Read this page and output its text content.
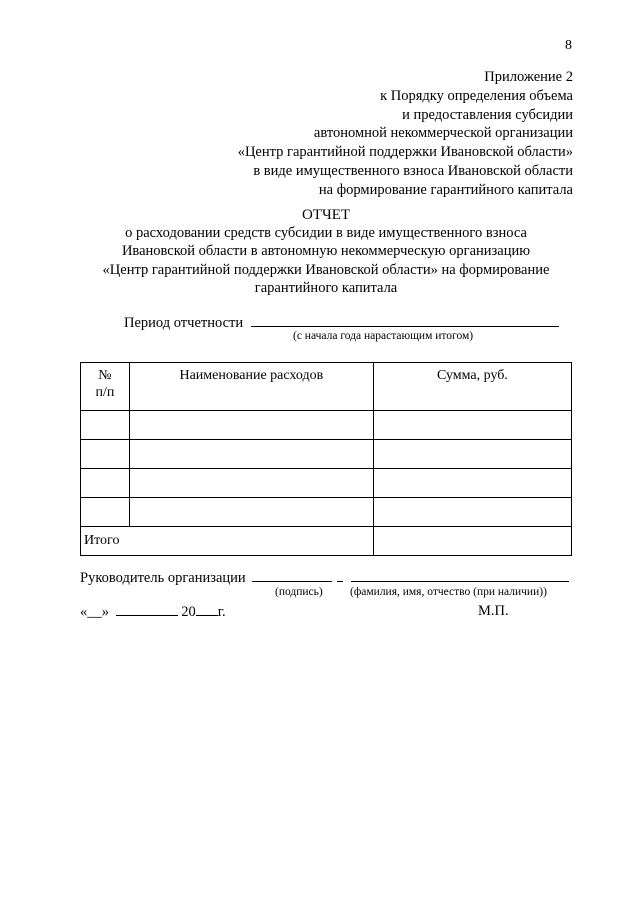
8
Приложение 2
к Порядку определения объема
и предоставления субсидии
автономной некоммерческой организации
«Центр гарантийной поддержки Ивановской области»
в виде имущественного взноса Ивановской области
на формирование гарантийного капитала
ОТЧЕТ
о расходовании средств субсидии в виде имущественного взноса
Ивановской области в автономную некоммерческую организацию
«Центр гарантийной поддержки Ивановской области» на формирование
гарантийного капитала
Период отчетности
(с начала года нарастающим итогом)
№
п/п	Наименование расходов	Сумма, руб.

Итого		
Руководитель организации
(подпись) (фамилия, имя, отчество (при наличии))
«__»	20 г.	М.П.
